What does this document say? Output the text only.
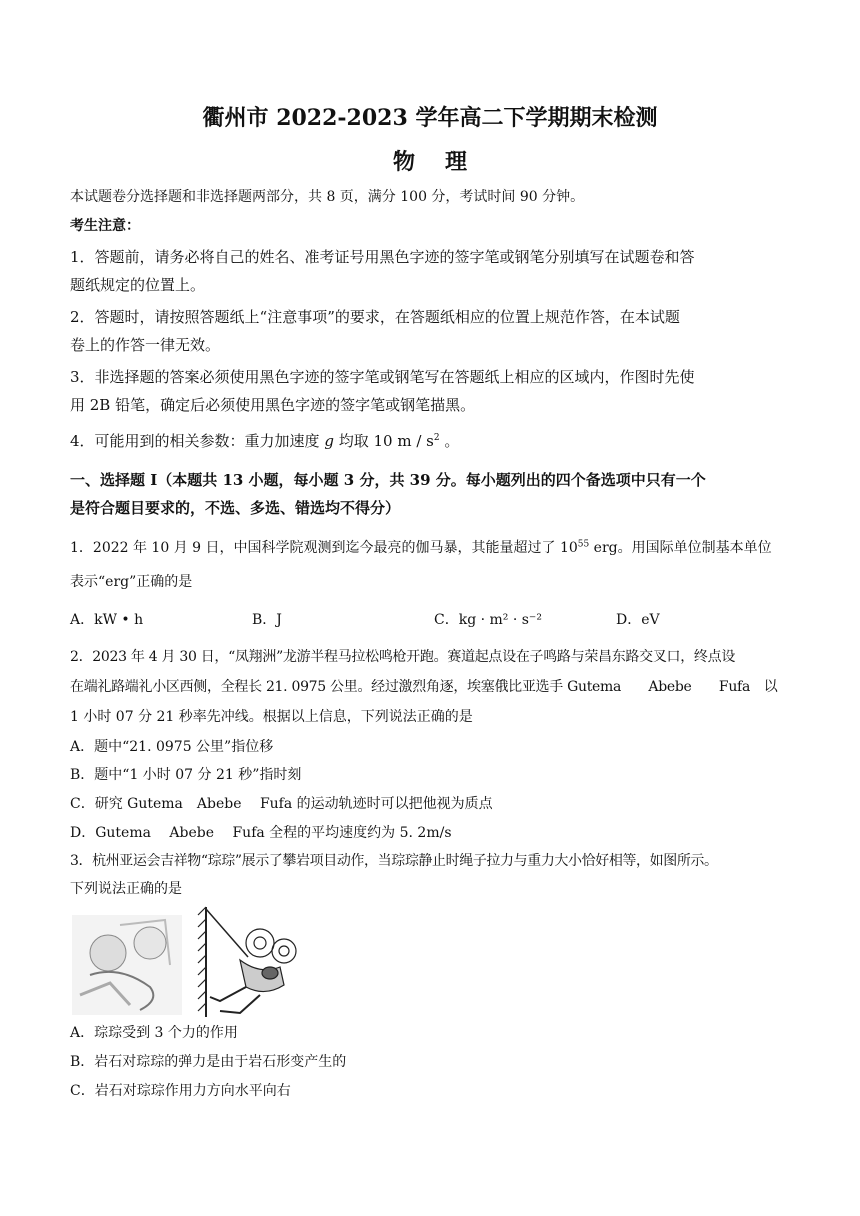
衢州市 2022-2023 学年高二下学期期末检测
物理
本试题卷分选择题和非选择题两部分，共 8 页，满分 100 分，考试时间 90 分钟。
考生注意：
1．答题前，请务必将自己的姓名、准考证号用黑色字迹的签字笔或钢笔分别填写在试题卷和答
题纸规定的位置上。
2．答题时，请按照答题纸上“注意事项”的要求，在答题纸相应的位置上规范作答，在本试题
卷上的作答一律无效。
3．非选择题的答案必须使用黑色字迹的签字笔或钢笔写在答题纸上相应的区域内，作图时先使
用 2B 铅笔，确定后必须使用黑色字迹的签字笔或钢笔描黑。
4．可能用到的相关参数：重力加速度 g 均取 10 m / $s^2$ 。
一、选择题 Ⅰ（本题共 13 小题，每小题 3 分，共 39 分。每小题列出的四个备选项中只有一个
是符合题目要求的，不选、多选、错选均不得分）
1．2022 年 10 月 9 日，中国科学院观测到迄今最亮的伽马暴，其能量超过了 $10^{55}$ erg。用国际单位制基本单位
表示“erg”正确的是
A．kW • h	B．J	C．kg · m² · s⁻²	D．eV
2．2023 年 4 月 30 日，“凤翔洲”龙游半程马拉松鸣枪开跑。赛道起点设在子鸣路与荣昌东路交叉口，终点设
在端礼路端礼小区西侧，全程长 21. 0975 公里。经过激烈角逐，埃塞俄比亚选手 Gutema　　Abebe　　Fufa　以
1 小时 07 分 21 秒率先冲线。根据以上信息，下列说法正确的是
A．题中“21. 0975 公里”指位移
B．题中“1 小时 07 分 21 秒”指时刻
C．研究 Gutema　Abebe　 Fufa 的运动轨迹时可以把他视为质点
D．Gutema　 Abebe　 Fufa 全程的平均速度约为 5. 2m/s
3．杭州亚运会吉祥物“琮琮”展示了攀岩项目动作，当琮琮静止时绳子拉力与重力大小恰好相等，如图所示。
下列说法正确的是
A．琮琮受到 3 个力的作用
B．岩石对琮琮的弹力是由于岩石形变产生的
C．岩石对琮琮作用力方向水平向右
